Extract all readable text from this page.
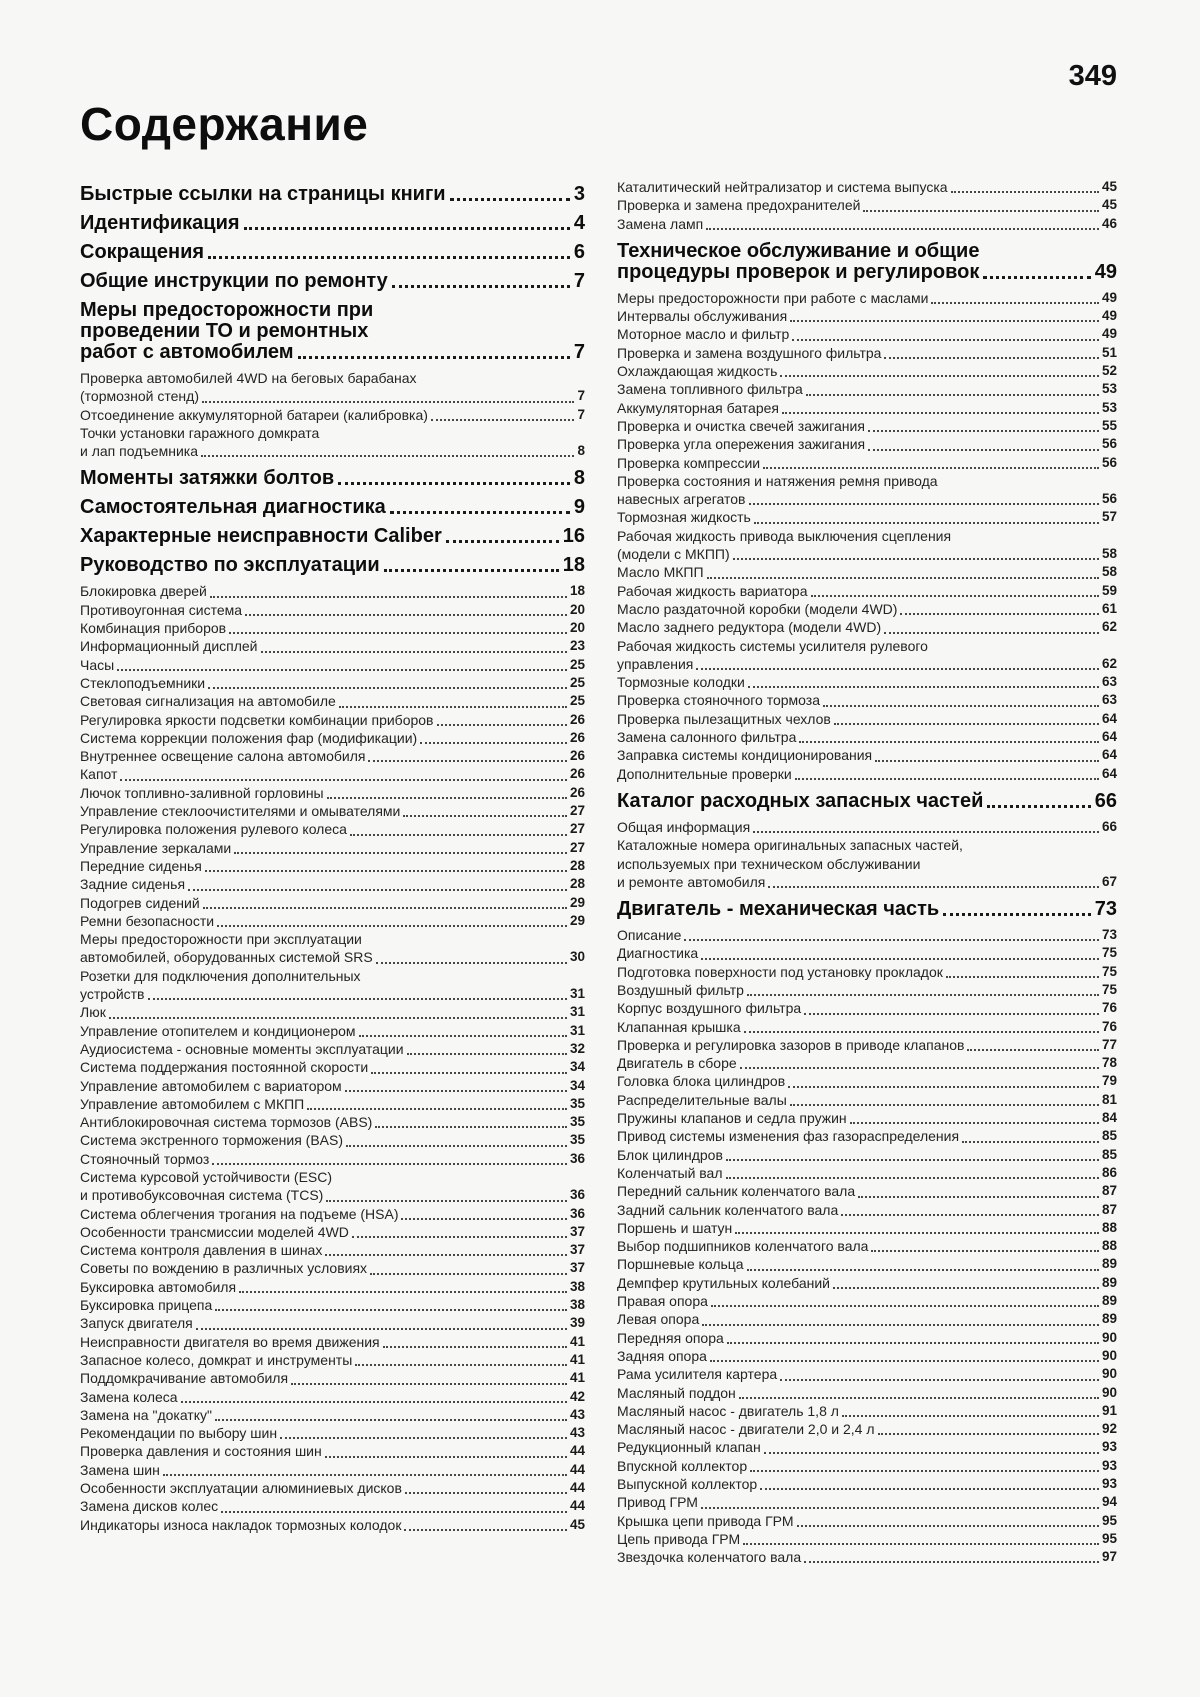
349
Содержание
Быстрые ссылки на страницы книги	3
Идентификация	4
Сокращения	6
Общие инструкции по ремонту	7
Меры предосторожности при
проведении ТО и ремонтных
работ с автомобилем	7
Проверка автомобилей 4WD на беговых барабанах
(тормозной стенд)	7
Отсоединение аккумуляторной батареи (калибровка)	7
Точки установки гаражного домкрата
и лап подъемника	8
Моменты затяжки болтов	8
Самостоятельная диагностика	9
Характерные неисправности Caliber	16
Руководство по эксплуатации	18
Блокировка дверей	18
Противоугонная система	20
Комбинация приборов	20
Информационный дисплей	23
Часы	25
Стеклоподъемники	25
Световая сигнализация на автомобиле	25
Регулировка яркости подсветки комбинации приборов	26
Система коррекции положения фар (модификации)	26
Внутреннее освещение салона автомобиля	26
Капот	26
Лючок топливно-заливной горловины	26
Управление стеклоочистителями и омывателями	27
Регулировка положения рулевого колеса	27
Управление зеркалами	27
Передние сиденья	28
Задние сиденья	28
Подогрев сидений	29
Ремни безопасности	29
Меры предосторожности при эксплуатации
автомобилей, оборудованных системой SRS	30
Розетки для подключения дополнительных
устройств	31
Люк	31
Управление отопителем и кондиционером	31
Аудиосистема - основные моменты эксплуатации	32
Система поддержания постоянной скорости	34
Управление автомобилем с вариатором	34
Управление автомобилем с МКПП	35
Антиблокировочная система тормозов (ABS)	35
Система экстренного торможения (BAS)	35
Стояночный тормоз	36
Система курсовой устойчивости (ESC)
и противобуксовочная система (TCS)	36
Система облегчения трогания на подъеме (HSA)	36
Особенности трансмиссии моделей 4WD	37
Система контроля давления в шинах	37
Советы по вождению в различных условиях	37
Буксировка автомобиля	38
Буксировка прицепа	38
Запуск двигателя	39
Неисправности двигателя во время движения	41
Запасное колесо, домкрат и инструменты	41
Поддомкрачивание автомобиля	41
Замена колеса	42
Замена на "докатку"	43
Рекомендации по выбору шин	43
Проверка давления и состояния шин	44
Замена шин	44
Особенности эксплуатации алюминиевых дисков	44
Замена дисков колес	44
Индикаторы износа накладок тормозных колодок	45
Каталитический нейтрализатор и система выпуска	45
Проверка и замена предохранителей	45
Замена ламп	46
Техническое обслуживание и общие
процедуры проверок и регулировок	49
Меры предосторожности при работе с маслами	49
Интервалы обслуживания	49
Моторное масло и фильтр	49
Проверка и замена воздушного фильтра	51
Охлаждающая жидкость	52
Замена топливного фильтра	53
Аккумуляторная батарея	53
Проверка и очистка свечей зажигания	55
Проверка угла опережения зажигания	56
Проверка компрессии	56
Проверка состояния и натяжения ремня привода
навесных агрегатов	56
Тормозная жидкость	57
Рабочая жидкость привода выключения сцепления
(модели с МКПП)	58
Масло МКПП	58
Рабочая жидкость вариатора	59
Масло раздаточной коробки (модели 4WD)	61
Масло заднего редуктора (модели 4WD)	62
Рабочая жидкость системы усилителя рулевого
управления	62
Тормозные колодки	63
Проверка стояночного тормоза	63
Проверка пылезащитных чехлов	64
Замена салонного фильтра	64
Заправка системы кондиционирования	64
Дополнительные проверки	64
Каталог расходных запасных частей	66
Общая информация	66
Каталожные номера оригинальных запасных частей,
используемых при техническом обслуживании
и ремонте автомобиля	67
Двигатель - механическая часть	73
Описание	73
Диагностика	75
Подготовка поверхности под установку прокладок	75
Воздушный фильтр	75
Корпус воздушного фильтра	76
Клапанная крышка	76
Проверка и регулировка зазоров в приводе клапанов	77
Двигатель в сборе	78
Головка блока цилиндров	79
Распределительные валы	81
Пружины клапанов и седла пружин	84
Привод системы изменения фаз газораспределения	85
Блок цилиндров	85
Коленчатый вал	86
Передний сальник коленчатого вала	87
Задний сальник коленчатого вала	87
Поршень и шатун	88
Выбор подшипников коленчатого вала	88
Поршневые кольца	89
Демпфер крутильных колебаний	89
Правая опора	89
Левая опора	89
Передняя опора	90
Задняя опора	90
Рама усилителя картера	90
Масляный поддон	90
Масляный насос - двигатель 1,8 л	91
Масляный насос - двигатели 2,0 и 2,4 л	92
Редукционный клапан	93
Впускной коллектор	93
Выпускной коллектор	93
Привод ГРМ	94
Крышка цепи привода ГРМ	95
Цепь привода ГРМ	95
Звездочка коленчатого вала	97
